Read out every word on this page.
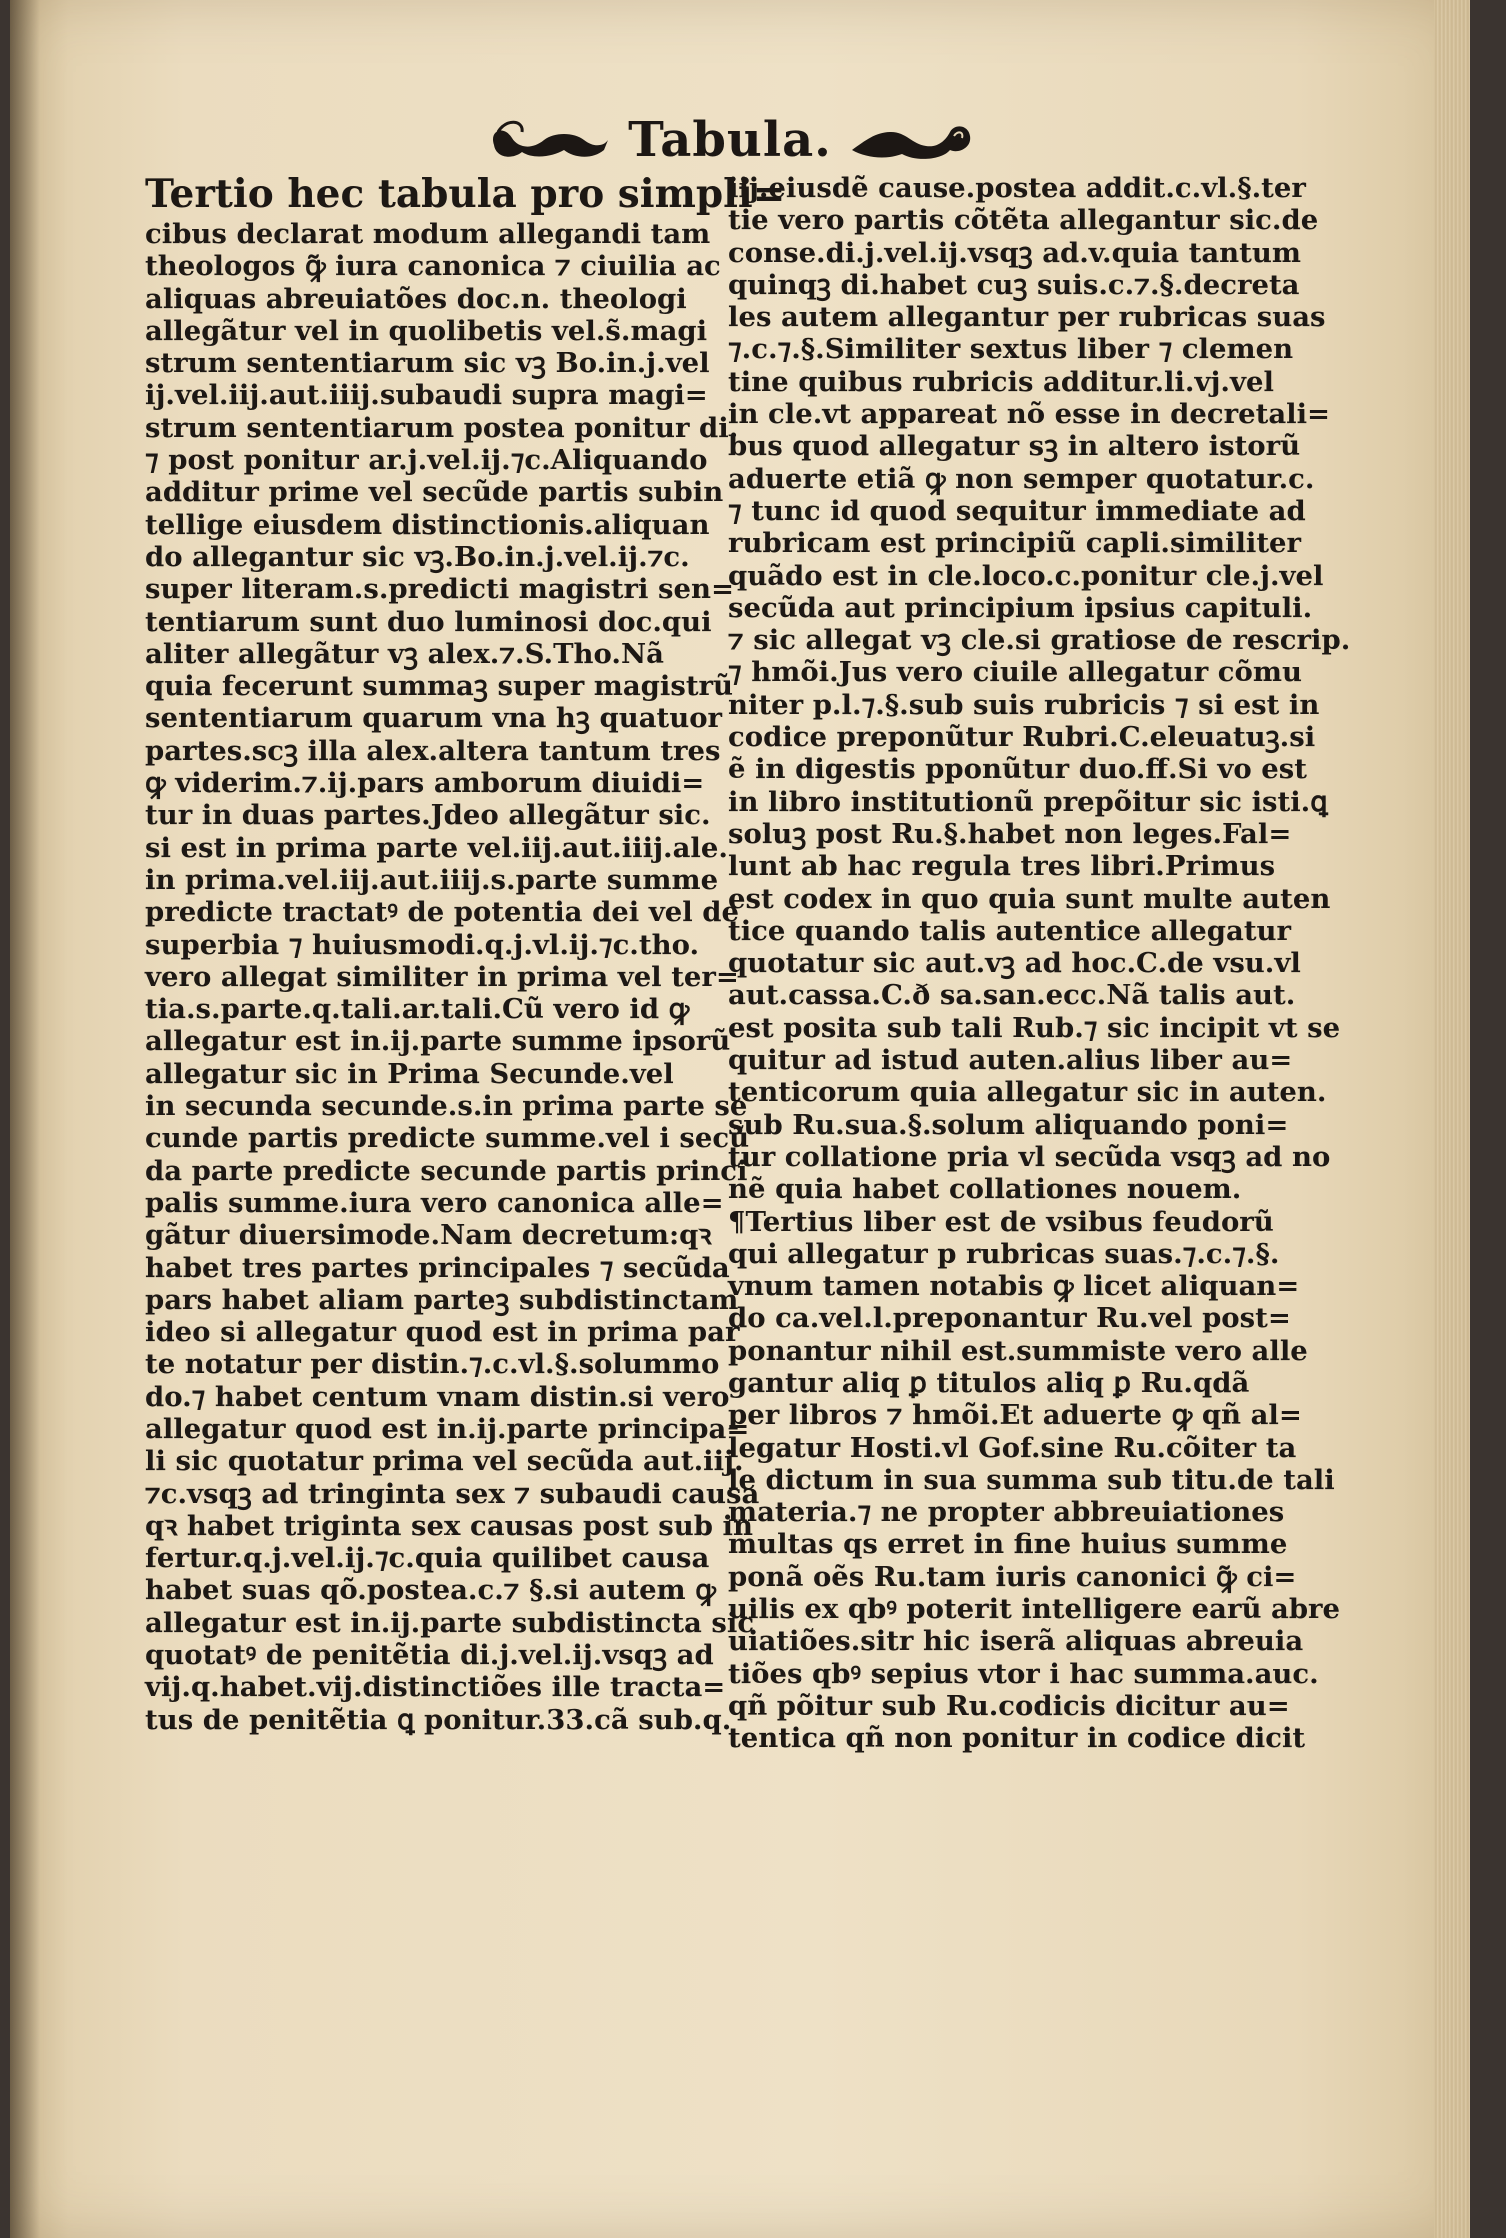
Tabula.
Tertio hec tabula pro simpli=
cibus declarat modum allegandi tam
theologos ꝙ̃ iura canonica ⁊ ciuilia ac
aliquas abreuiatões doc.n. theologi
allegãtur vel in quolibetis vel.s̃.magi
strum sententiarum sic vꝫ Bo.in.j.vel
ij.vel.iij.aut.iiij.subaudi supra magi=
strum sententiarum postea ponitur di.
⁊ post ponitur ar.j.vel.ij.⁊c.Aliquando
additur prime vel secũde partis subin
tellige eiusdem distinctionis.aliquan
do allegantur sic vꝫ.Bo.in.j.vel.ij.⁊c.
super literam.s.predicti magistri sen=
tentiarum sunt duo luminosi doc.qui
aliter allegãtur vꝫ alex.⁊.S.Tho.Nã
quia fecerunt summaꝫ super magistrũ
sententiarum quarum vna hꝫ quatuor
partes.scꝫ illa alex.altera tantum tres
ꝙ viderim.⁊.ij.pars amborum diuidi=
tur in duas partes.Jdeo allegãtur sic.
si est in prima parte vel.iij.aut.iiij.ale.
in prima.vel.iij.aut.iiij.s.parte summe
predicte tractatꝰ de potentia dei vel de
superbia ⁊ huiusmodi.q.j.vl.ij.⁊c.tho.
vero allegat similiter in prima vel ter=
tia.s.parte.q.tali.ar.tali.Cũ vero id ꝙ
allegatur est in.ij.parte summe ipsorũ
allegatur sic in Prima Secunde.vel
in secunda secunde.s.in prima parte se
cunde partis predicte summe.vel i secũ
da parte predicte secunde partis princi
palis summe.iura vero canonica alle=
gãtur diuersimode.Nam decretum:qꝛ
habet tres partes principales ⁊ secũda
pars habet aliam parteꝫ subdistinctam
ideo si allegatur quod est in prima par
te notatur per distin.⁊.c.vl.§.solummo
do.⁊ habet centum vnam distin.si vero
allegatur quod est in.ij.parte principa=
li sic quotatur prima vel secũda aut.iij.
⁊c.vsqꝫ ad tringinta sex ⁊ subaudi causa
qꝛ habet triginta sex causas post sub in
fertur.q.j.vel.ij.⁊c.quia quilibet causa
habet suas qõ.postea.c.⁊ §.si autem ꝙ
allegatur est in.ij.parte subdistincta sic
quotatꝰ de penitẽtia di.j.vel.ij.vsqꝫ ad
vij.q.habet.vij.distinctiões ille tracta=
tus de penitẽtia ꝗ ponitur.33.cã sub.q.
iij.eiusdẽ cause.postea addit.c.vl.§.ter
tie vero partis cõtẽta allegantur sic.de
conse.di.j.vel.ij.vsqꝫ ad.v.quia tantum
quinqꝫ di.habet cuꝫ suis.c.⁊.§.decreta
les autem allegantur per rubricas suas
⁊.c.⁊.§.Similiter sextus liber ⁊ clemen
tine quibus rubricis additur.li.vj.vel
in cle.vt appareat nõ esse in decretali=
bus quod allegatur sꝫ in altero istorũ
aduerte etiã ꝙ non semper quotatur.c.
⁊ tunc id quod sequitur immediate ad
rubricam est principiũ capli.similiter
quãdo est in cle.loco.c.ponitur cle.j.vel
secũda aut principium ipsius capituli.
⁊ sic allegat vꝫ cle.si gratiose de rescrip.
⁊ hmõi.Jus vero ciuile allegatur cõmu
niter p.l.⁊.§.sub suis rubricis ⁊ si est in
codice preponũtur Rubri.C.eleuatuꝫ.si
ẽ in digestis pponũtur duo.ff.Si vo est
in libro institutionũ prepõitur sic isti.ꝗ
soluꝫ post Ru.§.habet non leges.Fal=
lunt ab hac regula tres libri.Primus
est codex in quo quia sunt multe auten
tice quando talis autentice allegatur
quotatur sic aut.vꝫ ad hoc.C.de vsu.vl
aut.cassa.C.ð sa.san.ecc.Nã talis aut.
est posita sub tali Rub.⁊ sic incipit vt se
quitur ad istud auten.alius liber au=
tenticorum quia allegatur sic in auten.
sub Ru.sua.§.solum aliquando poni=
tur collatione pria vl secũda vsqꝫ ad no
nẽ quia habet collationes nouem.
¶Tertius liber est de vsibus feudorũ
qui allegatur p rubricas suas.⁊.c.⁊.§.
vnum tamen notabis ꝙ licet aliquan=
do ca.vel.l.preponantur Ru.vel post=
ponantur nihil est.summiste vero alle
gantur aliq ꝑ titulos aliq ꝑ Ru.qdã
per libros ⁊ hmõi.Et aduerte ꝙ qñ al=
legatur Hosti.vl Gof.sine Ru.cõiter ta
le dictum in sua summa sub titu.de tali
materia.⁊ ne propter abbreuiationes
multas qs erret in fine huius summe
ponã oẽs Ru.tam iuris canonici ꝙ̃ ci=
uilis ex qbꝰ poterit intelligere earũ abre
uiatiões.sitr hic iserã aliquas abreuia
tiões qbꝰ sepius vtor i hac summa.auc.
qñ põitur sub Ru.codicis dicitur au=
tentica qñ non ponitur in codice dicit
